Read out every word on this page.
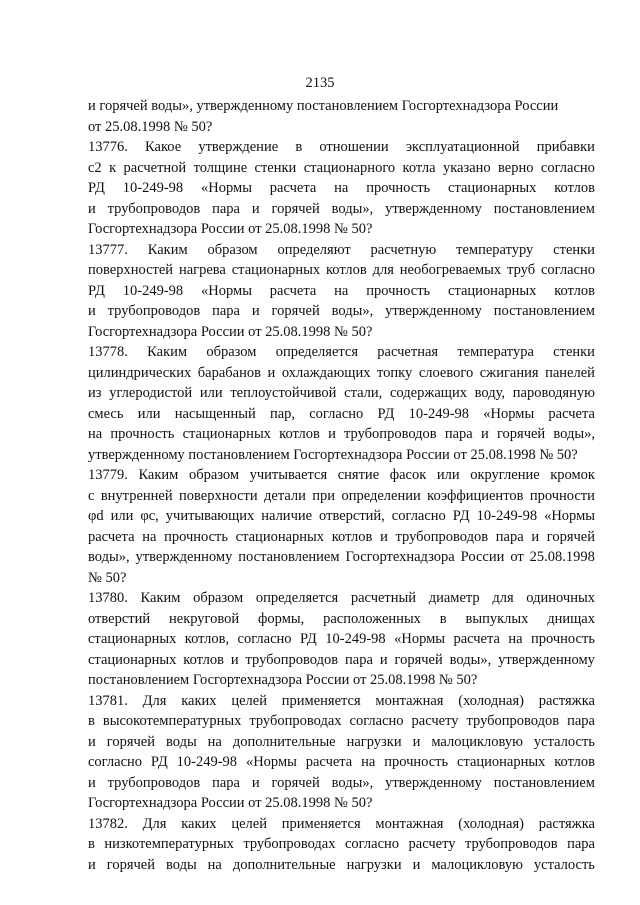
2135
и горячей воды», утвержденному постановлением Госгортехнадзора России
от 25.08.1998 № 50?
13776. Какое утверждение в отношении эксплуатационной прибавки
с2 к расчетной толщине стенки стационарного котла указано верно согласно
РД 10-249-98 «Нормы расчета на прочность стационарных котлов
и трубопроводов пара и горячей воды», утвержденному постановлением
Госгортехнадзора России от 25.08.1998 № 50?
13777. Каким образом определяют расчетную температуру стенки
поверхностей нагрева стационарных котлов для необогреваемых труб согласно
РД 10-249-98 «Нормы расчета на прочность стационарных котлов
и трубопроводов пара и горячей воды», утвержденному постановлением
Госгортехнадзора России от 25.08.1998 № 50?
13778. Каким образом определяется расчетная температура стенки
цилиндрических барабанов и охлаждающих топку слоевого сжигания панелей
из углеродистой или теплоустойчивой стали, содержащих воду, пароводяную
смесь или насыщенный пар, согласно РД 10-249-98 «Нормы расчета
на прочность стационарных котлов и трубопроводов пара и горячей воды»,
утвержденному постановлением Госгортехнадзора России от 25.08.1998 № 50?
13779. Каким образом учитывается снятие фасок или округление кромок
с внутренней поверхности детали при определении коэффициентов прочности
φd или φc, учитывающих наличие отверстий, согласно РД 10-249-98 «Нормы
расчета на прочность стационарных котлов и трубопроводов пара и горячей
воды», утвержденному постановлением Госгортехнадзора России от 25.08.1998
№ 50?
13780. Каким образом определяется расчетный диаметр для одиночных
отверстий некруговой формы, расположенных в выпуклых днищах
стационарных котлов, согласно РД 10-249-98 «Нормы расчета на прочность
стационарных котлов и трубопроводов пара и горячей воды», утвержденному
постановлением Госгортехнадзора России от 25.08.1998 № 50?
13781. Для каких целей применяется монтажная (холодная) растяжка
в высокотемпературных трубопроводах согласно расчету трубопроводов пара
и горячей воды на дополнительные нагрузки и малоцикловую усталость
согласно РД 10-249-98 «Нормы расчета на прочность стационарных котлов
и трубопроводов пара и горячей воды», утвержденному постановлением
Госгортехнадзора России от 25.08.1998 № 50?
13782. Для каких целей применяется монтажная (холодная) растяжка
в низкотемпературных трубопроводах согласно расчету трубопроводов пара
и горячей воды на дополнительные нагрузки и малоцикловую усталость
